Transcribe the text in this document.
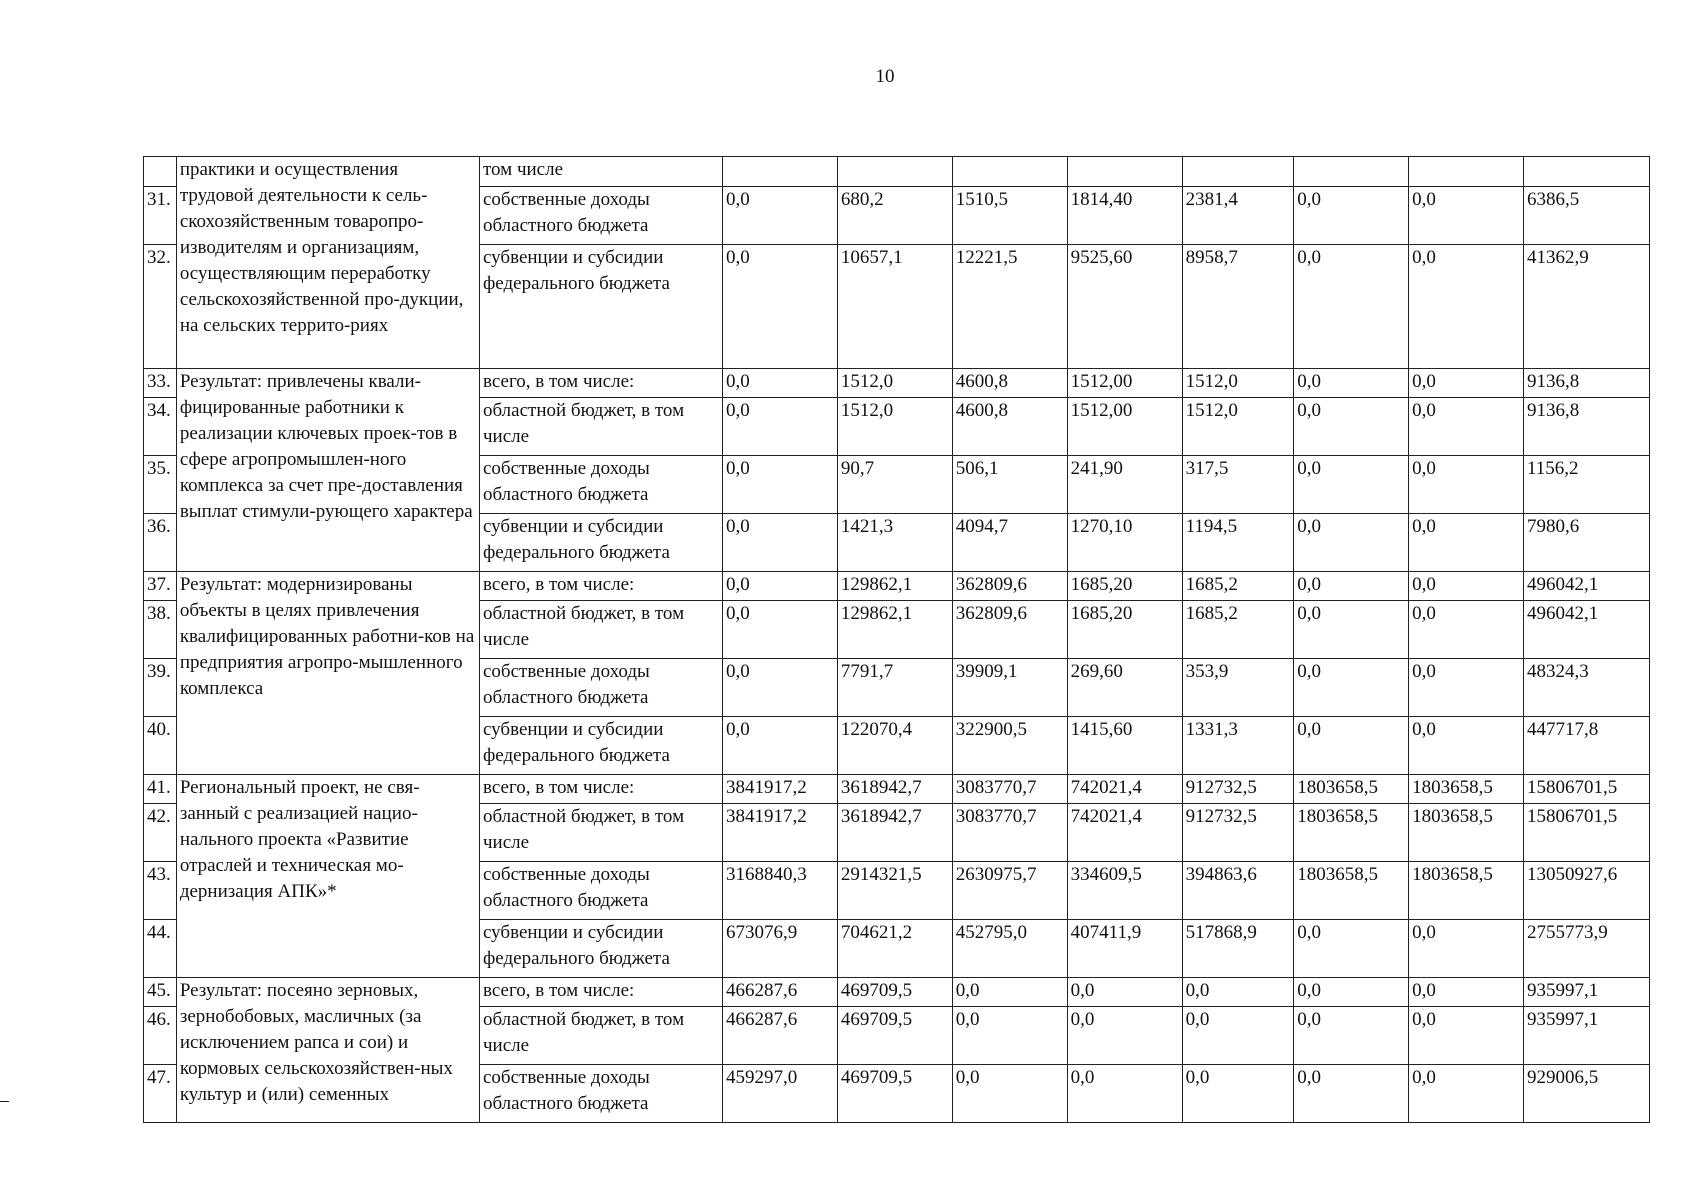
10
	практики и осуществления трудовой деятельности к сель-скохозяйственным товаропро-изводителям и организациям, осуществляющим переработку сельскохозяйственной про-дукции, на сельских террито-риях	том числе								
31.		собственные доходы областного бюджета	0,0	680,2	1510,5	1814,40	2381,4	0,0	0,0	6386,5
32.		субвенции и субсидии федерального бюджета	0,0	10657,1	12221,5	9525,60	8958,7	0,0	0,0	41362,9
33.	Результат: привлечены квали-фицированные работники к реализации ключевых проек-тов в сфере агропромышлен-ного комплекса за счет пре-доставления выплат стимули-рующего характера	всего, в том числе:	0,0	1512,0	4600,8	1512,00	1512,0	0,0	0,0	9136,8
34.		областной бюджет, в том числе	0,0	1512,0	4600,8	1512,00	1512,0	0,0	0,0	9136,8
35.		собственные доходы областного бюджета	0,0	90,7	506,1	241,90	317,5	0,0	0,0	1156,2
36.		субвенции и субсидии федерального бюджета	0,0	1421,3	4094,7	1270,10	1194,5	0,0	0,0	7980,6
37.	Результат: модернизированы объекты в целях привлечения квалифицированных работни-ков на предприятия агропро-мышленного комплекса	всего, в том числе:	0,0	129862,1	362809,6	1685,20	1685,2	0,0	0,0	496042,1
38.		областной бюджет, в том числе	0,0	129862,1	362809,6	1685,20	1685,2	0,0	0,0	496042,1
39.		собственные доходы областного бюджета	0,0	7791,7	39909,1	269,60	353,9	0,0	0,0	48324,3
40.		субвенции и субсидии федерального бюджета	0,0	122070,4	322900,5	1415,60	1331,3	0,0	0,0	447717,8
41.	Региональный проект, не свя-занный с реализацией нацио-нального проекта «Развитие отраслей и техническая мо-дернизация АПК»*	всего, в том числе:	3841917,2	3618942,7	3083770,7	742021,4	912732,5	1803658,5	1803658,5	15806701,5
42.		областной бюджет, в том числе	3841917,2	3618942,7	3083770,7	742021,4	912732,5	1803658,5	1803658,5	15806701,5
43.		собственные доходы областного бюджета	3168840,3	2914321,5	2630975,7	334609,5	394863,6	1803658,5	1803658,5	13050927,6
44.		субвенции и субсидии федерального бюджета	673076,9	704621,2	452795,0	407411,9	517868,9	0,0	0,0	2755773,9
45.	Результат: посеяно зерновых, зернобобовых, масличных (за исключением рапса и сои) и кормовых сельскохозяйствен-ных культур и (или) семенных	всего, в том числе:	466287,6	469709,5	0,0	0,0	0,0	0,0	0,0	935997,1
46.		областной бюджет, в том числе	466287,6	469709,5	0,0	0,0	0,0	0,0	0,0	935997,1
47.		собственные доходы областного бюджета	459297,0	469709,5	0,0	0,0	0,0	0,0	0,0	929006,5
